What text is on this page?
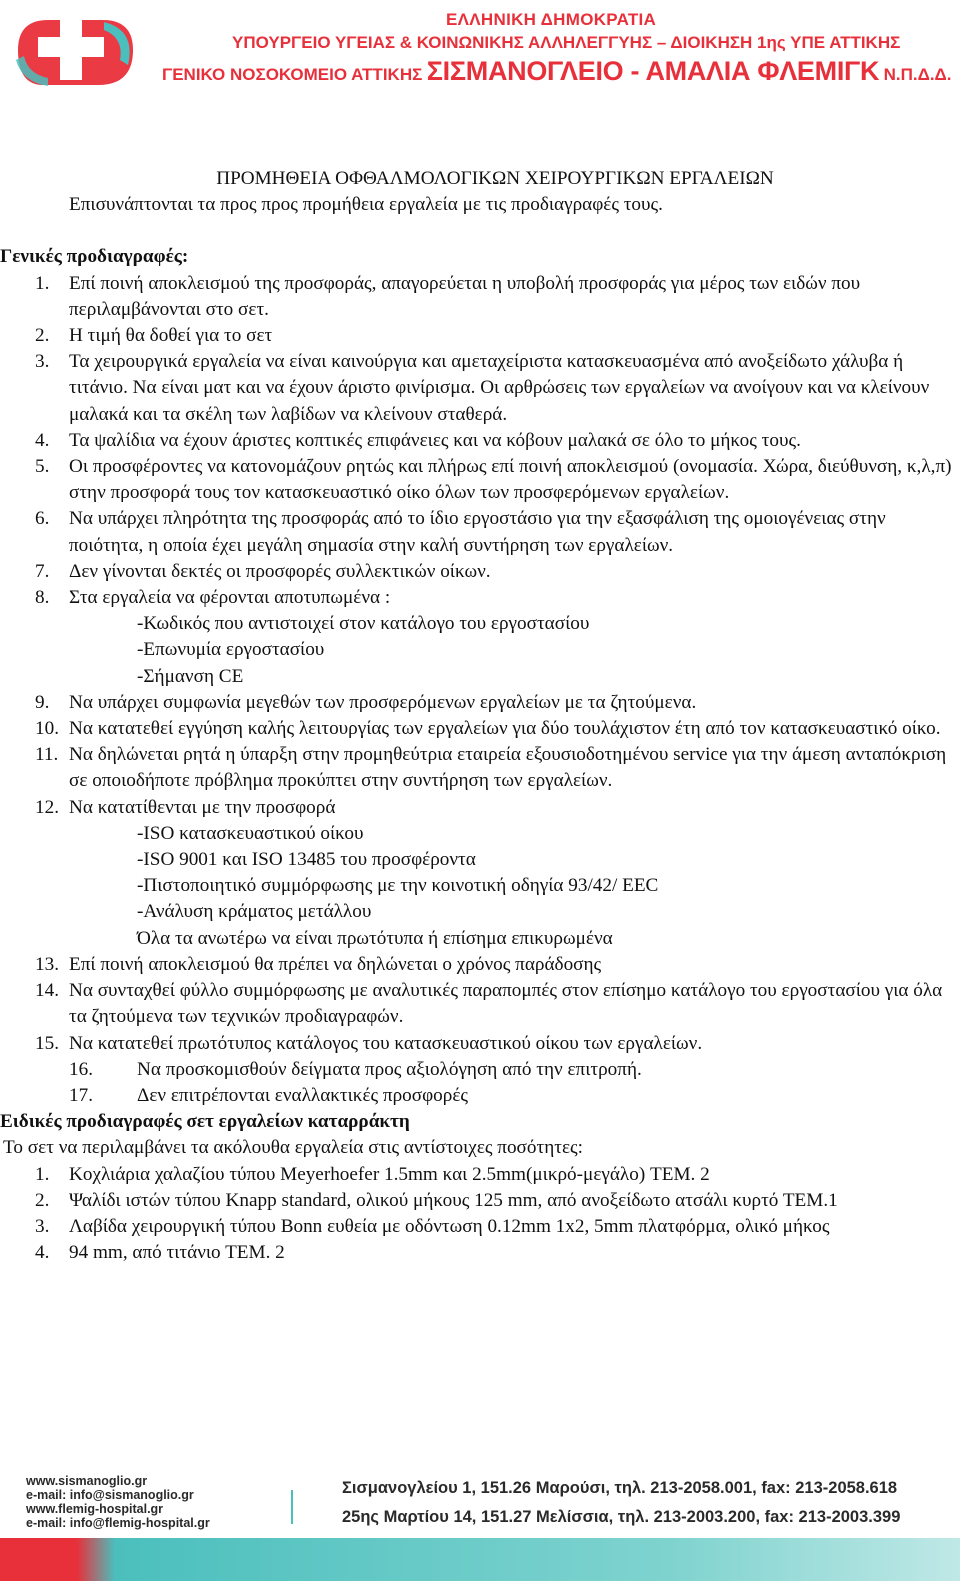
ΕΛΛΗΝΙΚΗ ΔΗΜΟΚΡΑΤΙΑ
ΥΠΟΥΡΓΕΙΟ ΥΓΕΙΑΣ & ΚΟΙΝΩΝΙΚΗΣ ΑΛΛΗΛΕΓΓΥΗΣ – ΔΙΟΙΚΗΣΗ 1ης ΥΠΕ ΑΤΤΙΚΗΣ
ΓΕΝΙΚΟ ΝΟΣΟΚΟΜΕΙΟ ΑΤΤΙΚΗΣ ΣΙΣΜΑΝΟΓΛΕΙΟ - ΑΜΑΛΙΑ ΦΛΕΜΙΓΚ Ν.Π.Δ.Δ.
ΠΡΟΜΗΘΕΙΑ ΟΦΘΑΛΜΟΛΟΓΙΚΩΝ ΧΕΙΡΟΥΡΓΙΚΩΝ ΕΡΓΑΛΕΙΩΝ
Επισυνάπτονται τα προς προς προμήθεια εργαλεία με τις προδιαγραφές τους.
Γενικές προδιαγραφές:
1.	Επί ποινή αποκλεισμού της προσφοράς, απαγορεύεται η υποβολή προσφοράς για μέρος των ειδών που περιλαμβάνονται στο σετ.
2.	Η τιμή θα δοθεί για το σετ
3.	Τα χειρουργικά εργαλεία να είναι καινούργια και αμεταχείριστα κατασκευασμένα από ανοξείδωτο χάλυβα ή τιτάνιο. Να είναι ματ και να έχουν άριστο φινίρισμα. Οι αρθρώσεις των εργαλείων να ανοίγουν και να κλείνουν μαλακά και τα σκέλη των λαβίδων να κλείνουν σταθερά.
4.	Τα ψαλίδια να έχουν άριστες κοπτικές επιφάνειες και να κόβουν μαλακά σε όλο το μήκος τους.
5.	Οι προσφέροντες να κατονομάζουν ρητώς και πλήρως επί ποινή αποκλεισμού (ονομασία. Χώρα, διεύθυνση, κ,λ,π) στην προσφορά τους τον κατασκευαστικό οίκο όλων των προσφερόμενων εργαλείων.
6.	Να υπάρχει πληρότητα της προσφοράς από το ίδιο εργοστάσιο για την εξασφάλιση της ομοιογένειας στην ποιότητα, η οποία έχει μεγάλη σημασία στην καλή συντήρηση των εργαλείων.
7.	Δεν γίνονται δεκτές οι προσφορές συλλεκτικών οίκων.
8.	Στα εργαλεία να φέρονται αποτυπωμένα :
-Κωδικός που αντιστοιχεί στον κατάλογο του εργοστασίου
-Επωνυμία εργοστασίου
-Σήμανση CE
9.	Να υπάρχει συμφωνία μεγεθών των προσφερόμενων εργαλείων με τα ζητούμενα.
10. Να κατατεθεί εγγύηση καλής λειτουργίας των εργαλείων για δύο τουλάχιστον έτη από τον κατασκευαστικό οίκο.
11. Να δηλώνεται ρητά η ύπαρξη στην προμηθεύτρια εταιρεία εξουσιοδοτημένου service για την άμεση ανταπόκριση σε οποιοδήποτε πρόβλημα προκύπτει στην συντήρηση των εργαλείων.
12. Να κατατίθενται με την προσφορά
-ISO κατασκευαστικού οίκου
-ISO 9001 και ISO 13485 του προσφέροντα
-Πιστοποιητικό συμμόρφωσης με την κοινοτική οδηγία 93/42/ EEC
-Ανάλυση κράματος μετάλλου
Όλα τα ανωτέρω να είναι πρωτότυπα ή επίσημα επικυρωμένα
13. Επί ποινή αποκλεισμού θα πρέπει να δηλώνεται ο χρόνος παράδοσης
14. Να συνταχθεί φύλλο συμμόρφωσης με αναλυτικές παραπομπές στον επίσημο κατάλογο του εργοστασίου για όλα τα ζητούμενα των τεχνικών προδιαγραφών.
15. Να κατατεθεί πρωτότυπος κατάλογος του κατασκευαστικού οίκου των εργαλείων.
16. Να προσκομισθούν δείγματα προς αξιολόγηση από την επιτροπή.
17. Δεν επιτρέπονται εναλλακτικές προσφορές
Ειδικές προδιαγραφές σετ εργαλείων καταρράκτη
Το σετ να περιλαμβάνει τα ακόλουθα εργαλεία στις αντίστοιχες ποσότητες:
1.	Κοχλιάρια χαλαζίου τύπου Meyerhoefer 1.5mm και 2.5mm(μικρό-μεγάλο) ΤΕΜ. 2
2.	Ψαλίδι ιστών τύπου Knapp standard, ολικού μήκους 125 mm, από ανοξείδωτο ατσάλι κυρτό ΤΕΜ.1
3.	Λαβίδα χειρουργική τύπου Bonn ευθεία με οδόντωση 0.12mm 1x2, 5mm πλατφόρμα, ολικό μήκος
4.	94 mm, από τιτάνιο ΤΕΜ. 2
www.sismanoglio.gr
e-mail: info@sismanoglio.gr
www.flemig-hospital.gr
e-mail: info@flemig-hospital.gr
Σισμανογλείου 1, 151.26 Μαρούσι, τηλ. 213-2058.001, fax: 213-2058.618
25ης Μαρτίου 14, 151.27 Μελίσσια, τηλ. 213-2003.200, fax: 213-2003.399
